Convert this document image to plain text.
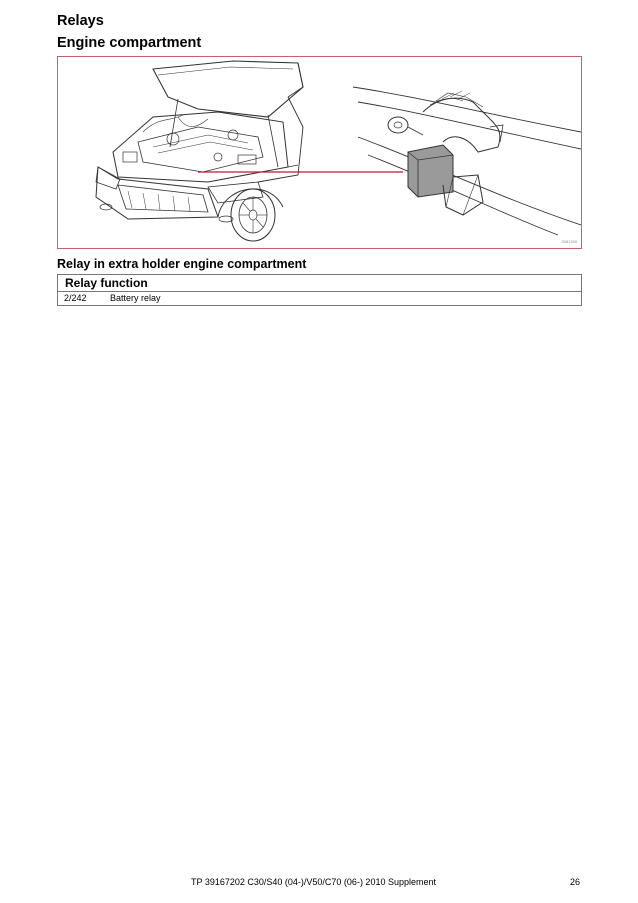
Relays
Engine compartment
3081290
Relay in extra holder engine compartment
Relay function
2/242	Battery relay
TP 39167202 C30/S40 (04-)/V50/C70 (06-) 2010 Supplement	26
